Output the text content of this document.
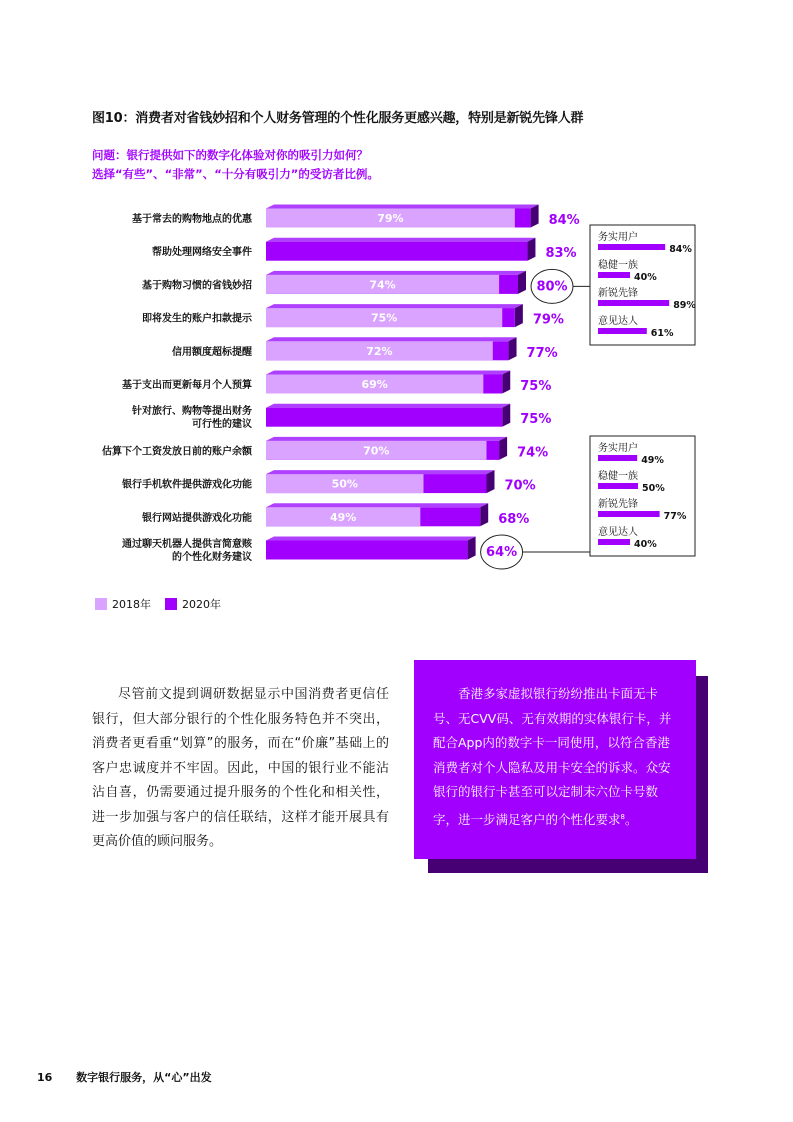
图10：消费者对省钱妙招和个人财务管理的个性化服务更感兴趣，特别是新锐先锋人群
问题：银行提供如下的数字化体验对你的吸引力如何？
选择“有些”、“非常”、“十分有吸引力”的受访者比例。
基于常去的购物地点的优惠	79%	84%
帮助处理网络安全事件	83%
基于购物习惯的省钱妙招	74%	80%
即将发生的账户扣款提示	75%	79%
信用额度超标提醒	72%	77%
基于支出而更新每月个人预算	69%	75%
针对旅行、购物等提出财务
可行性的建议	75%
估算下个工资发放日前的账户余额	70%	74%
银行手机软件提供游戏化功能	50%	70%
银行网站提供游戏化功能	49%	68%
通过聊天机器人提供言简意赅
的个性化财务建议	64%
务实用户
84%
稳健一族
40%
新锐先锋
89%
意见达人
61%
务实用户
49%
稳健一族
50%
新锐先锋
77%
意见达人
40%
2018年	2020年
尽管前文提到调研数据显示中国消费者更信任银行，但大部分银行的个性化服务特色并不突出，消费者更看重“划算”的服务，而在“价廉”基础上的客户忠诚度并不牢固。因此，中国的银行业不能沾沾自喜，仍需要通过提升服务的个性化和相关性，进一步加强与客户的信任联结，这样才能开展具有更高价值的顾问服务。
香港多家虚拟银行纷纷推出卡面无卡号、无CVV码、无有效期的实体银行卡，并配合App内的数字卡一同使用，以符合香港消费者对个人隐私及用卡安全的诉求。众安银行的银行卡甚至可以定制末六位卡号数字，进一步满足客户的个性化要求$^8$。
16 数字银行服务，从“心”出发
